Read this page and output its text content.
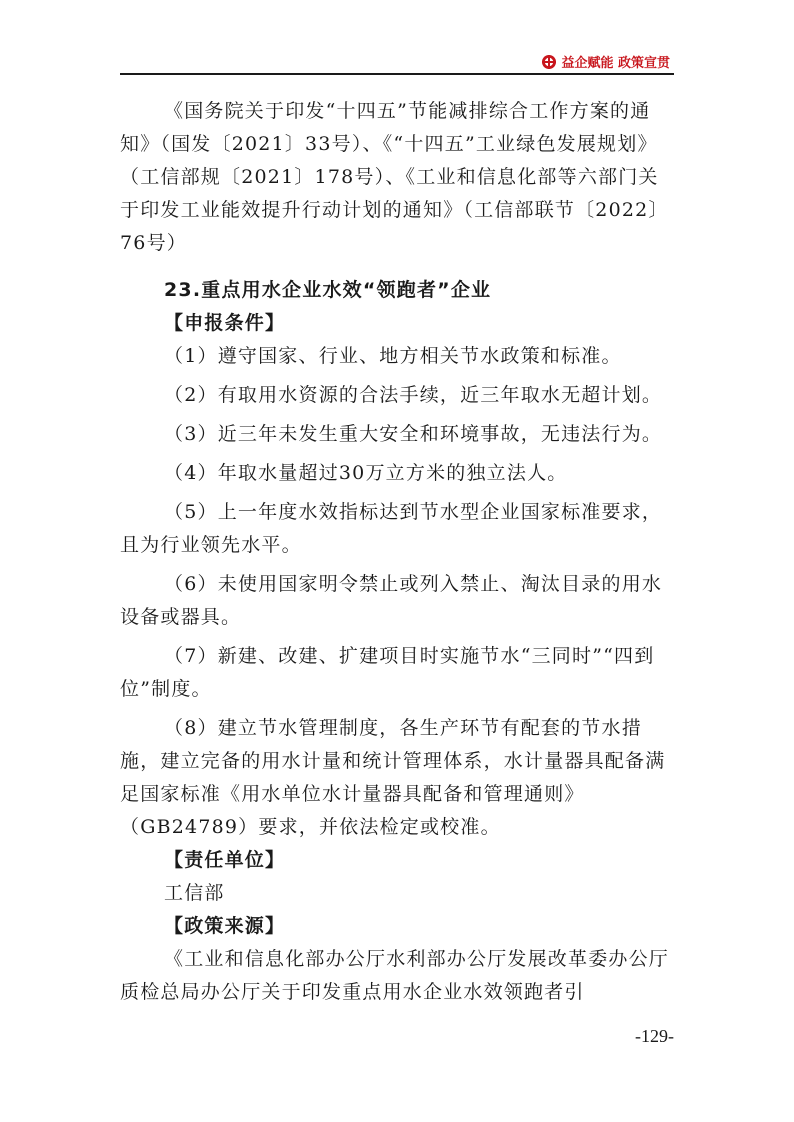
益企赋能 政策宣贯

《国务院关于印发“十四五”节能减排综合工作方案的通知》（国发〔2021〕33号）、《“十四五”工业绿色发展规划》（工信部规〔2021〕178号）、《工业和信息化部等六部门关于印发工业能效提升行动计划的通知》（工信部联节〔2022〕76号）

23.重点用水企业水效“领跑者”企业

【申报条件】

（1）遵守国家、行业、地方相关节水政策和标准。

（2）有取用水资源的合法手续，近三年取水无超计划。

（3）近三年未发生重大安全和环境事故，无违法行为。

（4）年取水量超过30万立方米的独立法人。

（5）上一年度水效指标达到节水型企业国家标准要求，且为行业领先水平。

（6）未使用国家明令禁止或列入禁止、淘汰目录的用水设备或器具。

（7）新建、改建、扩建项目时实施节水“三同时”“四到位”制度。

（8）建立节水管理制度，各生产环节有配套的节水措施，建立完备的用水计量和统计管理体系，水计量器具配备满足国家标准《用水单位水计量器具配备和管理通则》（GB24789）要求，并依法检定或校准。

【责任单位】

工信部

【政策来源】

《工业和信息化部办公厅水利部办公厅发展改革委办公厅质检总局办公厅关于印发重点用水企业水效领跑者引

-129-
